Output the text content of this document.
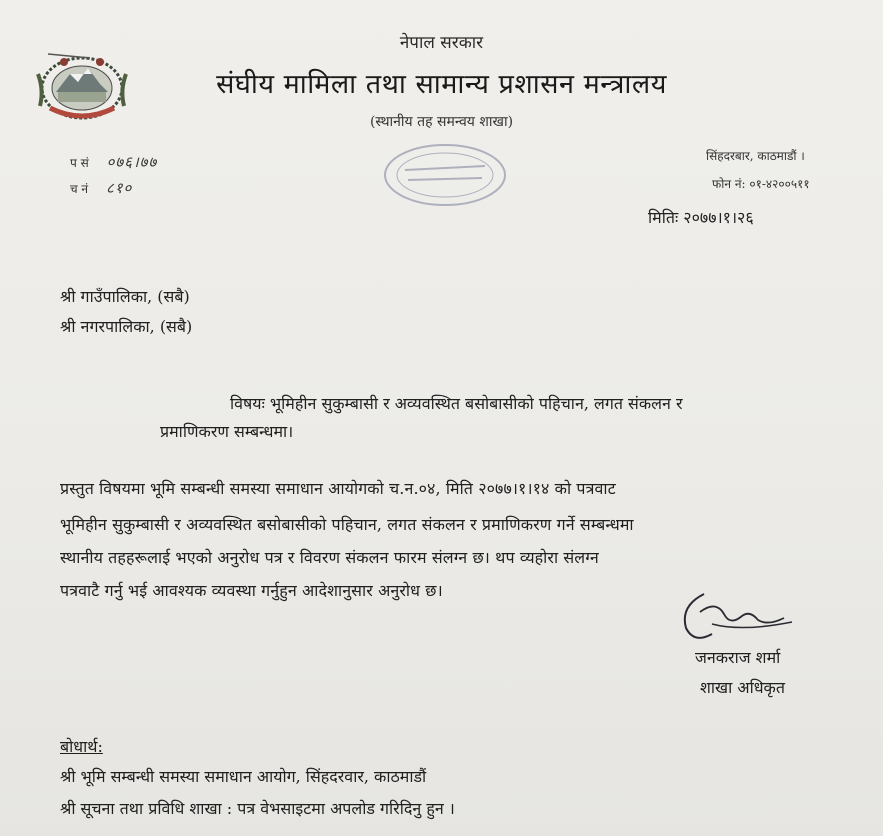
नेपाल सरकार
संघीय मामिला तथा सामान्य प्रशासन मन्त्रालय
(स्थानीय तह समन्वय शाखा)
प सं ०७६।७७
च नं ८१०
सिंहदरबार, काठमाडौं ।
फोन नं: ०१-४२००५११
मितिः २०७७।१।२६
श्री गाउँपालिका, (सबै)
श्री नगरपालिका, (सबै)
विषयः भूमिहीन सुकुम्बासी र अव्यवस्थित बसोबासीको पहिचान, लगत संकलन र
प्रमाणिकरण सम्बन्धमा।
प्रस्तुत विषयमा भूमि सम्बन्धी समस्या समाधान आयोगको च.न.०४, मिति २०७७।१।१४ को पत्रवाट
भूमिहीन सुकुम्बासी र अव्यवस्थित बसोबासीको पहिचान, लगत संकलन र प्रमाणिकरण गर्ने सम्बन्धमा
स्थानीय तहहरूलाई भएको अनुरोध पत्र र विवरण संकलन फारम संलग्न छ। थप व्यहोरा संलग्न
पत्रवाटै गर्नु भई आवश्यक व्यवस्था गर्नुहुन आदेशानुसार अनुरोध छ।
जनकराज शर्मा
शाखा अधिकृत
बोधार्थ:
श्री भूमि सम्बन्धी समस्या समाधान आयोग, सिंहदरवार, काठमाडौं
श्री सूचना तथा प्रविधि शाखा : पत्र वेभसाइटमा अपलोड गरिदिनु हुन ।
